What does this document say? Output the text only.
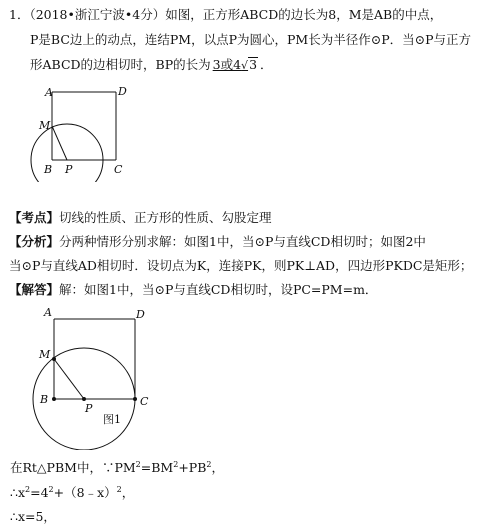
1．（2018•浙江宁波•4分）如图，正方形ABCD的边长为8，M是AB的中点，
P是BC边上的动点，连结PM，以点P为圆心，PM长为半径作⊙P．当⊙P与正方
形ABCD的边相切时，BP的长为 3或4√3 ．
A	D
M
B P	C
【考点】切线的性质、正方形的性质、勾股定理
【分析】分两种情形分别求解：如图1中，当⊙P与直线CD相切时；如图2中
当⊙P与直线AD相切时．设切点为K，连接PK，则PK⊥AD，四边形PKDC是矩形；
【解答】解：如图1中，当⊙P与直线CD相切时，设PC=PM=m．
A	D
M
B
P
C
图1
在Rt△PBM中，$\because PM^2=BM^2+PB^2$，
$\therefore x^2=4^2+(8﹣x)^2$，
∴x=5，
